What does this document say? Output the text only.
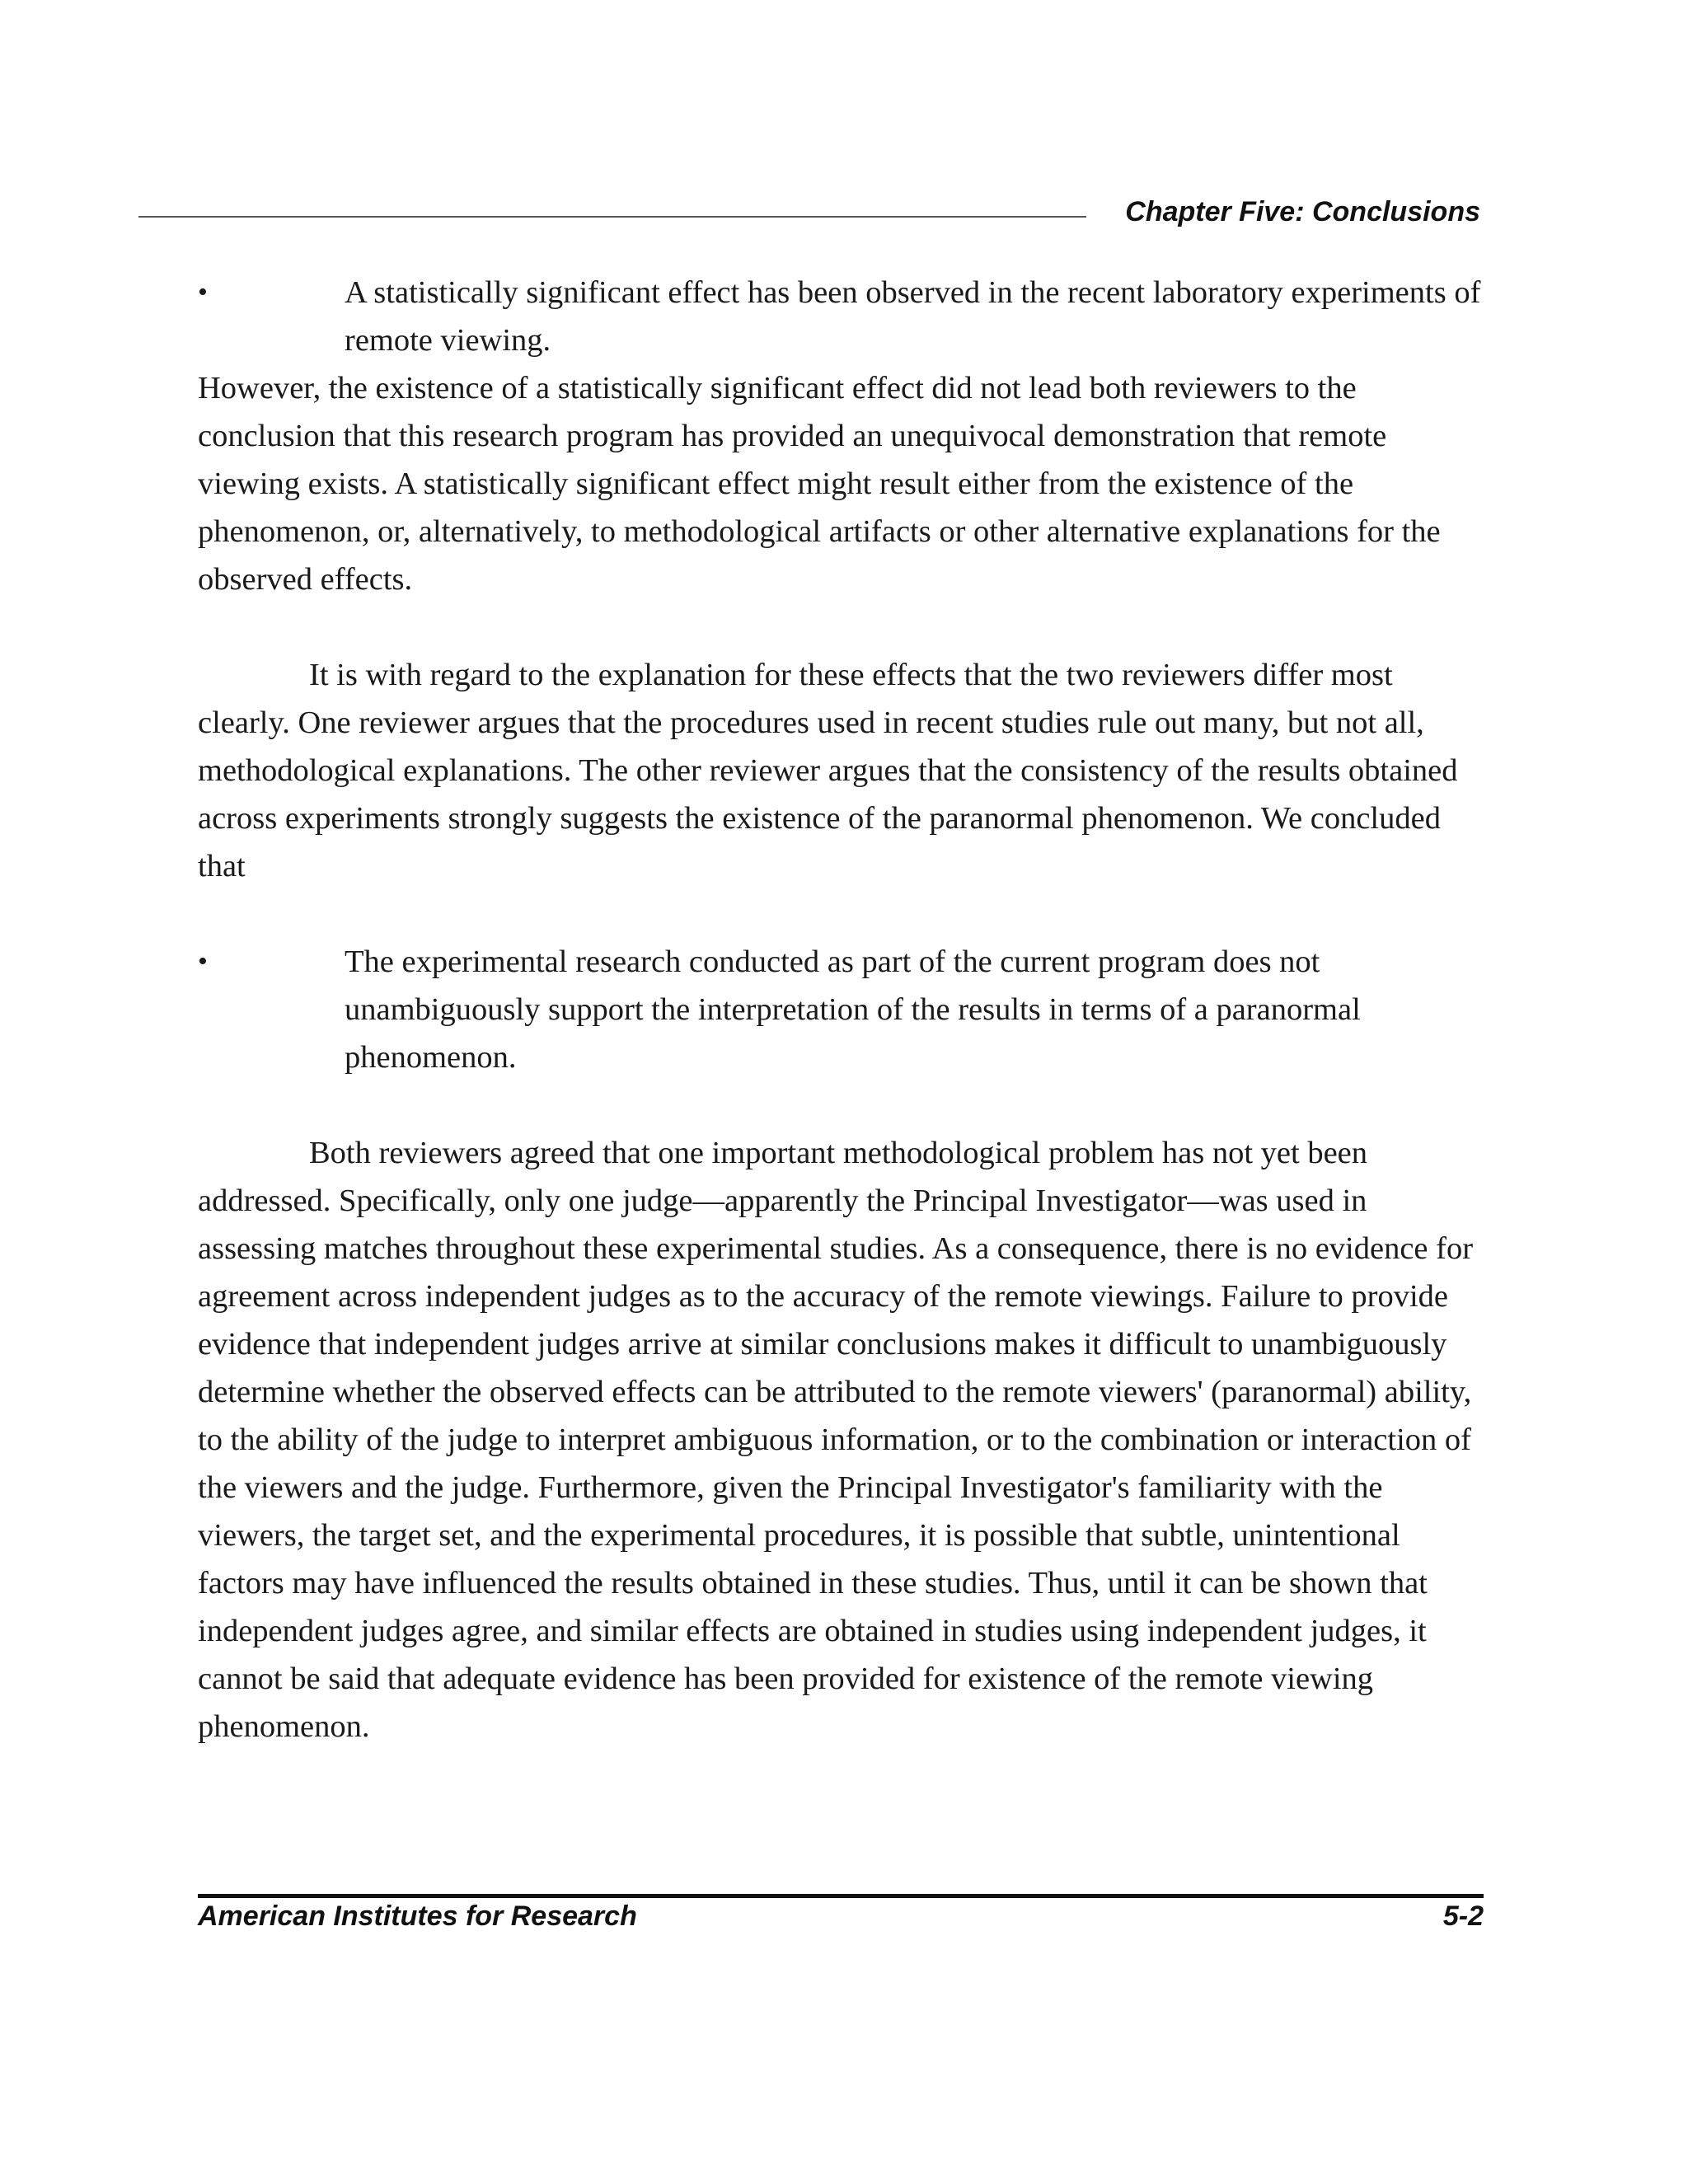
Chapter Five: Conclusions
•	A statistically significant effect has been observed in the recent laboratory experiments of remote viewing.

However, the existence of a statistically significant effect did not lead both reviewers to the conclusion that this research program has provided an unequivocal demonstration that remote viewing exists. A statistically significant effect might result either from the existence of the phenomenon, or, alternatively, to methodological artifacts or other alternative explanations for the observed effects.

It is with regard to the explanation for these effects that the two reviewers differ most clearly. One reviewer argues that the procedures used in recent studies rule out many, but not all, methodological explanations. The other reviewer argues that the consistency of the results obtained across experiments strongly suggests the existence of the paranormal phenomenon. We concluded that

•	The experimental research conducted as part of the current program does not unambiguously support the interpretation of the results in terms of a paranormal phenomenon.

Both reviewers agreed that one important methodological problem has not yet been addressed. Specifically, only one judge—apparently the Principal Investigator—was used in assessing matches throughout these experimental studies. As a consequence, there is no evidence for agreement across independent judges as to the accuracy of the remote viewings. Failure to provide evidence that independent judges arrive at similar conclusions makes it difficult to unambiguously determine whether the observed effects can be attributed to the remote viewers' (paranormal) ability, to the ability of the judge to interpret ambiguous information, or to the combination or interaction of the viewers and the judge. Furthermore, given the Principal Investigator's familiarity with the viewers, the target set, and the experimental procedures, it is possible that subtle, unintentional factors may have influenced the results obtained in these studies. Thus, until it can be shown that independent judges agree, and similar effects are obtained in studies using independent judges, it cannot be said that adequate evidence has been provided for existence of the remote viewing phenomenon.

American Institutes for Research	5-2
